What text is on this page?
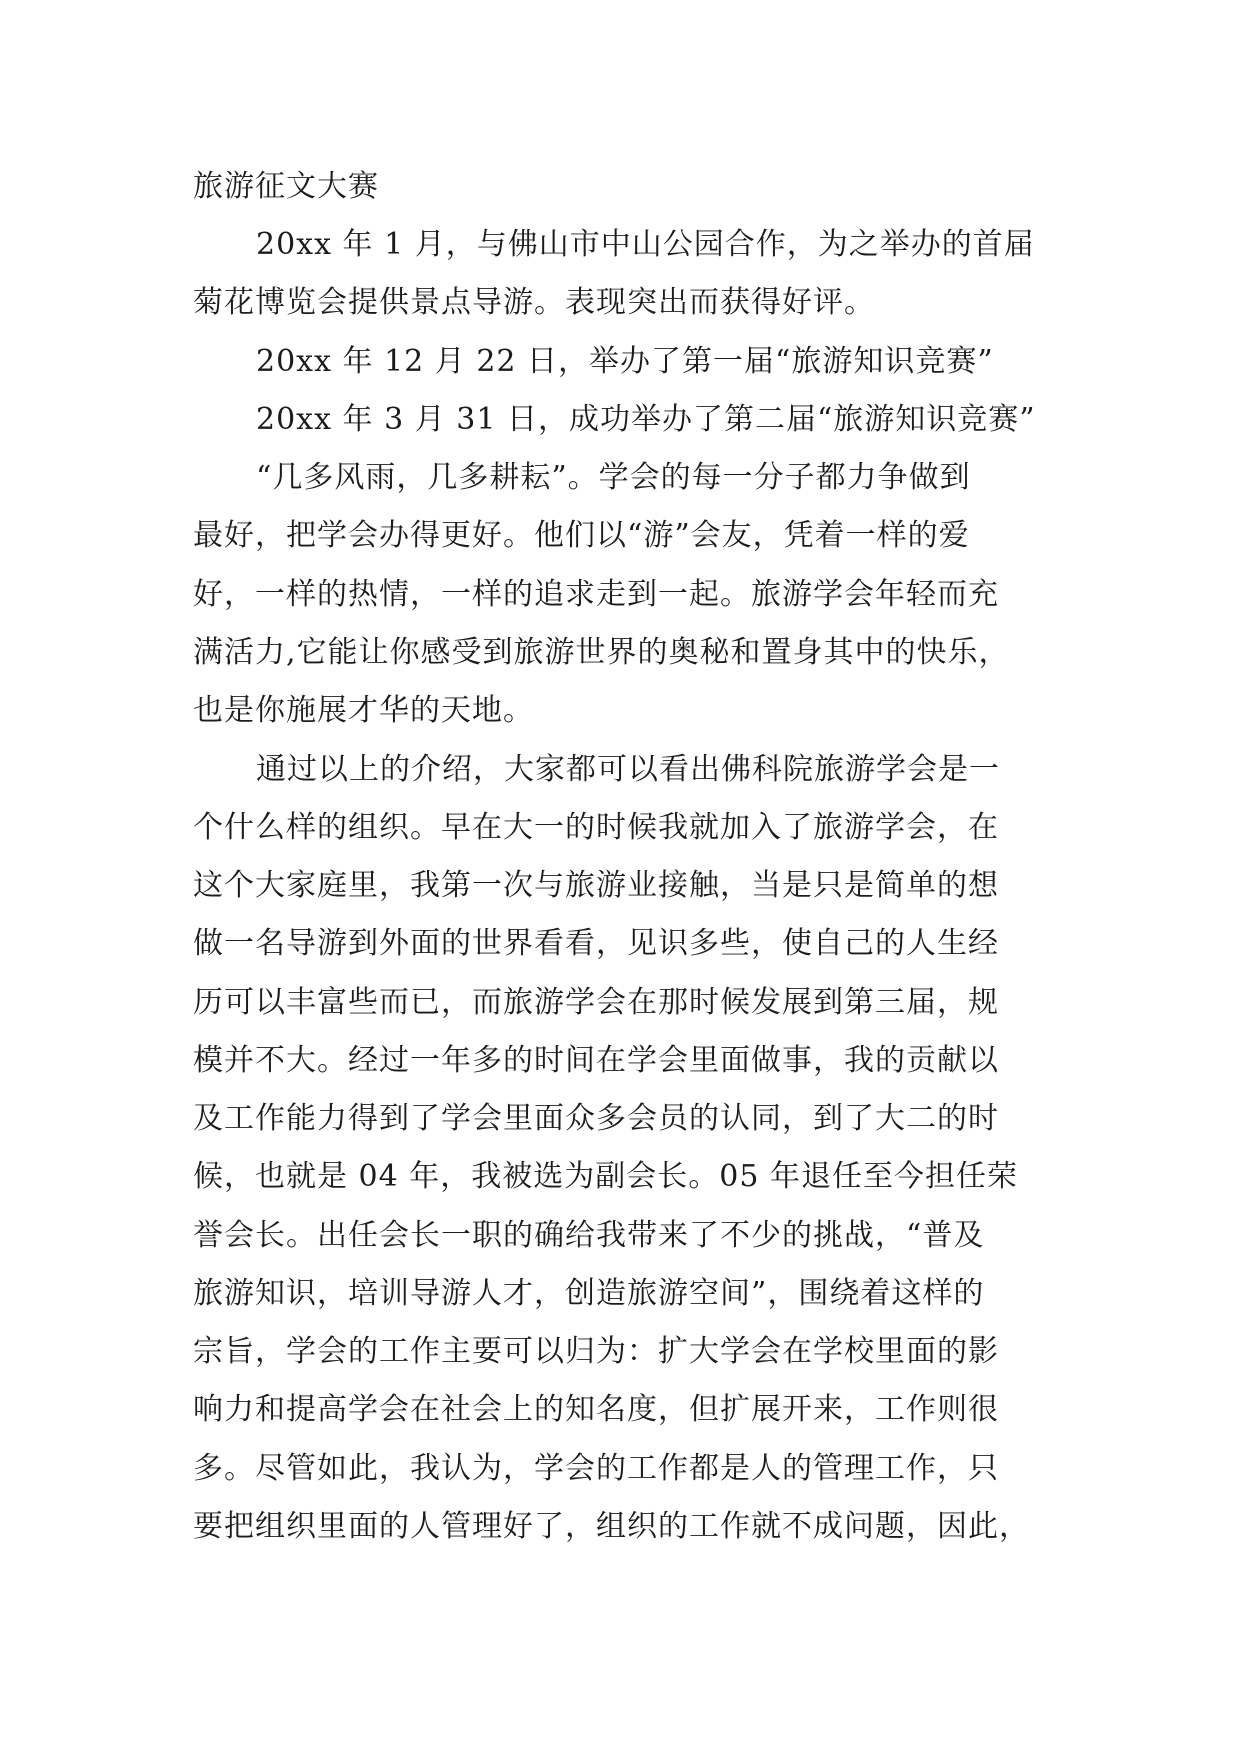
旅游征文大赛

20xx 年 1 月，与佛山市中山公园合作，为之举办的首届

菊花博览会提供景点导游。表现突出而获得好评。

20xx 年 12 月 22 日，举办了第一届“旅游知识竞赛”

20xx 年 3 月 31 日，成功举办了第二届“旅游知识竞赛”

“几多风雨，几多耕耘”。学会的每一分子都力争做到

最好，把学会办得更好。他们以“游”会友，凭着一样的爱

好，一样的热情，一样的追求走到一起。旅游学会年轻而充

满活力,它能让你感受到旅游世界的奥秘和置身其中的快乐，

也是你施展才华的天地。

通过以上的介绍，大家都可以看出佛科院旅游学会是一

个什么样的组织。早在大一的时候我就加入了旅游学会，在

这个大家庭里，我第一次与旅游业接触，当是只是简单的想

做一名导游到外面的世界看看，见识多些，使自己的人生经

历可以丰富些而已，而旅游学会在那时候发展到第三届，规

模并不大。经过一年多的时间在学会里面做事，我的贡献以

及工作能力得到了学会里面众多会员的认同，到了大二的时

候，也就是 04 年，我被选为副会长。05 年退任至今担任荣

誉会长。出任会长一职的确给我带来了不少的挑战，“普及

旅游知识，培训导游人才，创造旅游空间”，围绕着这样的

宗旨，学会的工作主要可以归为：扩大学会在学校里面的影

响力和提高学会在社会上的知名度，但扩展开来，工作则很

多。尽管如此，我认为，学会的工作都是人的管理工作，只

要把组织里面的人管理好了，组织的工作就不成问题，因此，
